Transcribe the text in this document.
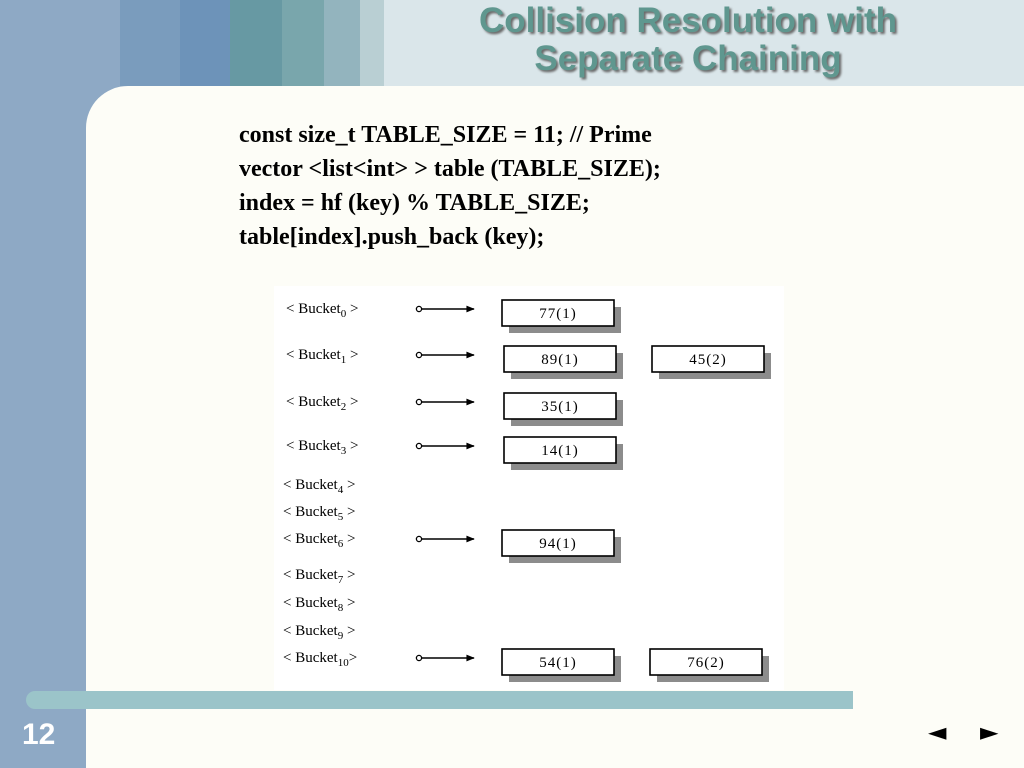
Collision Resolution with
Separate Chaining
const size_t TABLE_SIZE = 11; // Prime
vector <list<int> > table (TABLE_SIZE);
index = hf (key) % TABLE_SIZE;
table[index].push_back (key);
< Bucket$_0$ >	77(1)
< Bucket$_1$ >	89(1)	45(2)
< Bucket$_2$ >	35(1)
< Bucket$_3$ >	14(1)
< Bucket$_4$ >
< Bucket$_5$ >
< Bucket$_6$ >	94(1)
< Bucket$_7$ >
< Bucket$_8$ >
< Bucket$_9$ >
< Bucket$_{10}$>	54(1)	76(2)
12	◄ ►
